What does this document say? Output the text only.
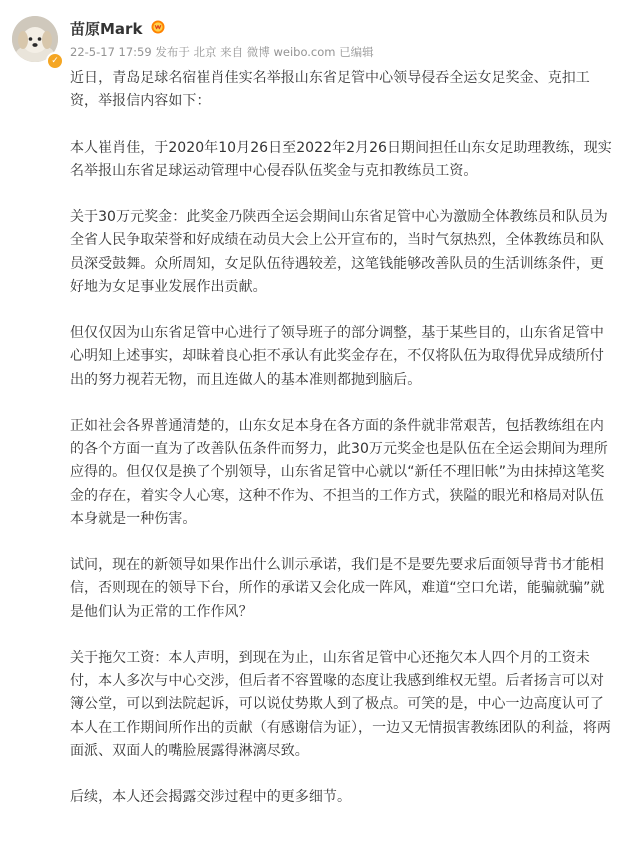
✓
苗原Mark
22-5-17 17:59 发布于 北京 来自 微博 weibo.com 已编辑

近日，青岛足球名宿崔肖佳实名举报山东省足管中心领导侵吞全运女足奖金、克扣工资，举报信内容如下：

本人崔肖佳，于2020年10月26日至2022年2月26日期间担任山东女足助理教练，现实名举报山东省足球运动管理中心侵吞队伍奖金与克扣教练员工资。

关于30万元奖金：此奖金乃陕西全运会期间山东省足管中心为激励全体教练员和队员为全省人民争取荣誉和好成绩在动员大会上公开宣布的，当时气氛热烈，全体教练员和队员深受鼓舞。众所周知，女足队伍待遇较差，这笔钱能够改善队员的生活训练条件，更好地为女足事业发展作出贡献。

但仅仅因为山东省足管中心进行了领导班子的部分调整，基于某些目的，山东省足管中心明知上述事实，却昧着良心拒不承认有此奖金存在，不仅将队伍为取得优异成绩所付出的努力视若无物，而且连做人的基本准则都抛到脑后。

正如社会各界普通清楚的，山东女足本身在各方面的条件就非常艰苦，包括教练组在内的各个方面一直为了改善队伍条件而努力，此30万元奖金也是队伍在全运会期间为理所应得的。但仅仅是换了个别领导，山东省足管中心就以“新任不理旧帐”为由抹掉这笔奖金的存在，着实令人心寒，这种不作为、不担当的工作方式，狭隘的眼光和格局对队伍本身就是一种伤害。

试问，现在的新领导如果作出什么训示承诺，我们是不是要先要求后面领导背书才能相信，否则现在的领导下台，所作的承诺又会化成一阵风，难道“空口允诺，能骗就骗”就是他们认为正常的工作作风？

关于拖欠工资：本人声明，到现在为止，山东省足管中心还拖欠本人四个月的工资未付，本人多次与中心交涉，但后者不容置喙的态度让我感到维权无望。后者扬言可以对簿公堂，可以到法院起诉，可以说仗势欺人到了极点。可笑的是，中心一边高度认可了本人在工作期间所作出的贡献（有感谢信为证），一边又无情损害教练团队的利益，将两面派、双面人的嘴脸展露得淋漓尽致。

后续，本人还会揭露交涉过程中的更多细节。
